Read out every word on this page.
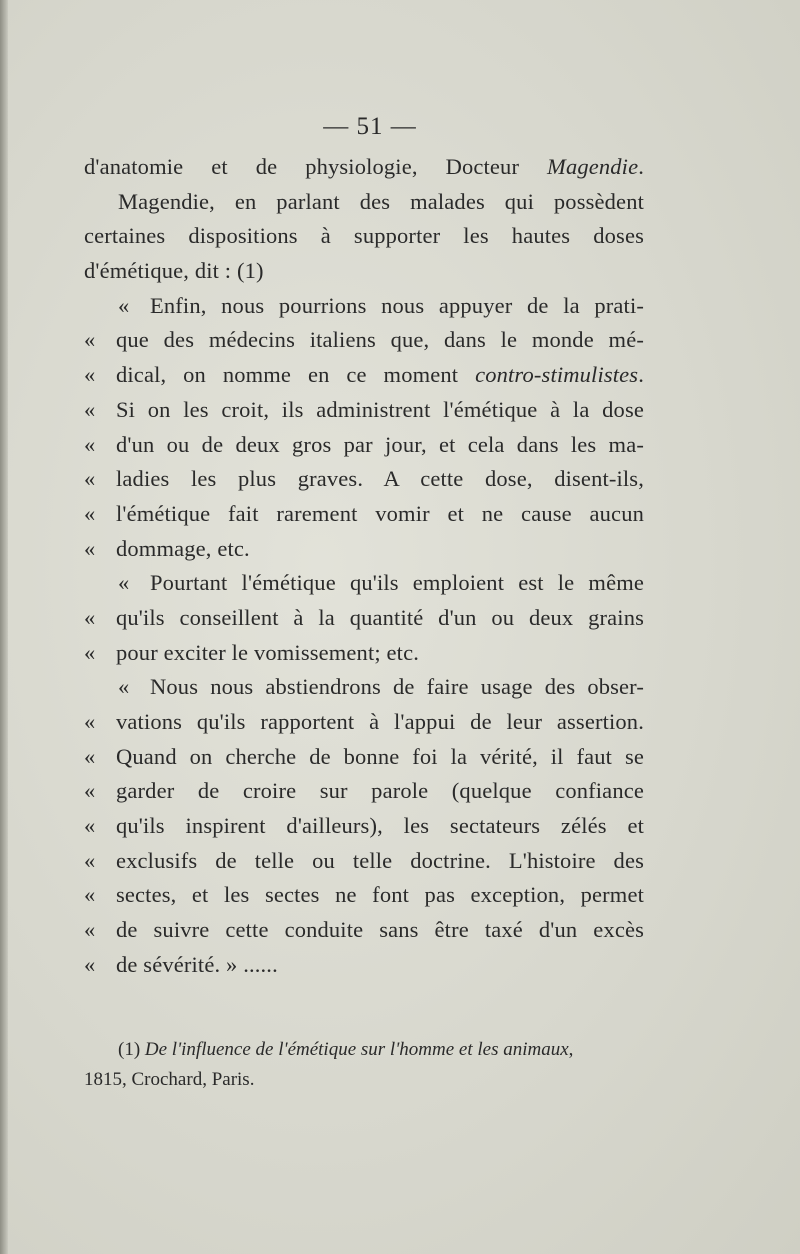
— 51 —
d'anatomie et de physiologie, Docteur Magendie.
Magendie, en parlant des malades qui possèdent
certaines dispositions à supporter les hautes doses
d'émétique, dit : (1)
« Enfin, nous pourrions nous appuyer de la prati-
« que des médecins italiens que, dans le monde mé-
« dical, on nomme en ce moment contro-stimulistes.
« Si on les croit, ils administrent l'émétique à la dose
« d'un ou de deux gros par jour, et cela dans les ma-
« ladies les plus graves. A cette dose, disent-ils,
« l'émétique fait rarement vomir et ne cause aucun
« dommage, etc.
« Pourtant l'émétique qu'ils emploient est le même
« qu'ils conseillent à la quantité d'un ou deux grains
« pour exciter le vomissement; etc.
« Nous nous abstiendrons de faire usage des obser-
« vations qu'ils rapportent à l'appui de leur assertion.
« Quand on cherche de bonne foi la vérité, il faut se
« garder de croire sur parole (quelque confiance
« qu'ils inspirent d'ailleurs), les sectateurs zélés et
« exclusifs de telle ou telle doctrine. L'histoire des
« sectes, et les sectes ne font pas exception, permet
« de suivre cette conduite sans être taxé d'un excès
« de sévérité. » ......
(1) De l'influence de l'émétique sur l'homme et les animaux,
1815, Crochard, Paris.
